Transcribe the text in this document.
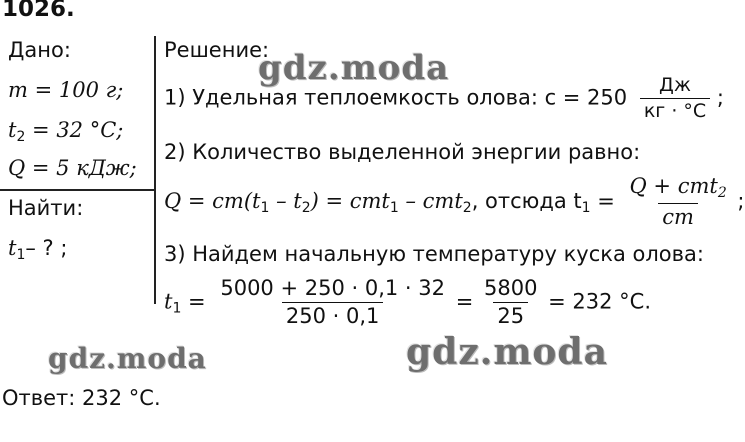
1026.
Дано:
m = 100 г;
$t_2 = 32$ °C;
Q = 5 кДж;
Найти:
$t_1-$ ? ;
Решение:
1) Удельная теплоемкость олова: $c = 250 \frac{Дж}{кг \cdot ^\circ C}$ ;
2) Количество выделенной энергии равно:
$Q = cm(t_1 - t_2) = cmt_1 - cmt_2$, отсюда $t_1 = \frac{Q + cmt_2}{cm}$ ;
3) Найдем начальную температуру куска олова:
$t_1 = \frac{5000 + 250 \cdot 0,1 \cdot 32}{250 \cdot 0,1} = \frac{5800}{25} = 232$ °C.
Ответ: 232 °C.
gdz.moda
gdz.moda	gdz.moda
